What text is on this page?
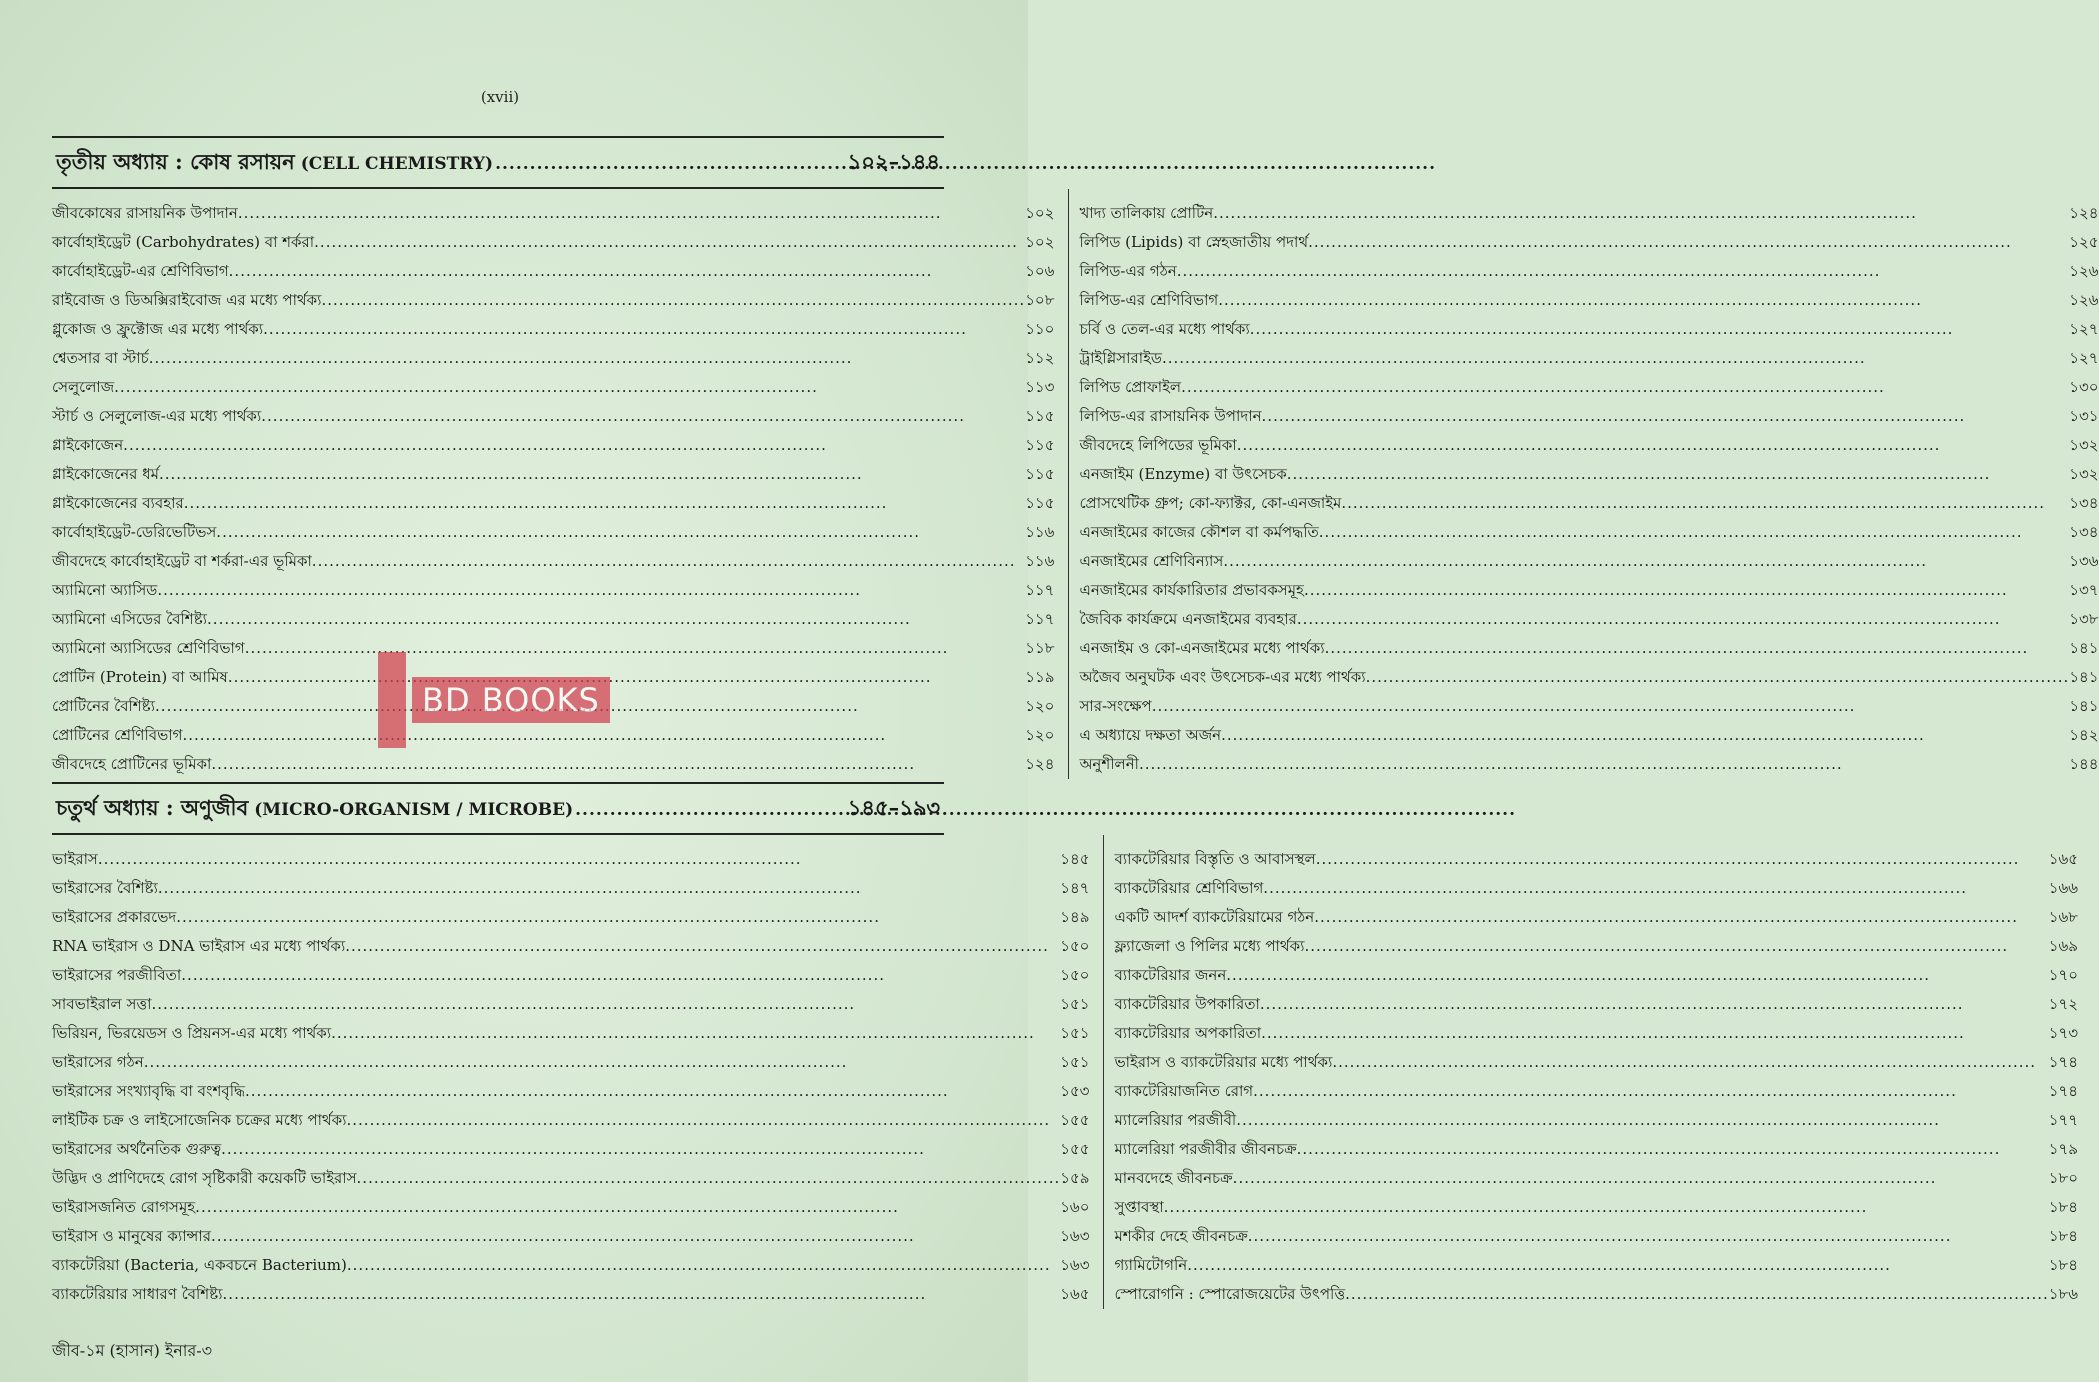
(xvii)
তৃতীয় অধ্যায় : কোষ রসায়ন (CELL CHEMISTRY) .....	১০২–১৪৪
জীবকোষের রাসায়নিক উপাদান .....	১০২
কার্বোহাইড্রেট (Carbohydrates) বা শর্করা .....	১০২
কার্বোহাইড্রেট-এর শ্রেণিবিভাগ .....	১০৬
রাইবোজ ও ডিঅক্সিরাইবোজ এর মধ্যে পার্থক্য .....	১০৮
গ্লুকোজ ও ফ্রুক্টোজ এর মধ্যে পার্থক্য .....	১১০
শ্বেতসার বা স্টার্চ .....	১১২
সেলুলোজ .....	১১৩
স্টার্চ ও সেলুলোজ-এর মধ্যে পার্থক্য .....	১১৫
গ্লাইকোজেন .....	১১৫
গ্লাইকোজেনের ধর্ম .....	১১৫
গ্লাইকোজেনের ব্যবহার .....	১১৫
কার্বোহাইড্রেট-ডেরিভেটিভস .....	১১৬
জীবদেহে কার্বোহাইড্রেট বা শর্করা-এর ভূমিকা .....	১১৬
অ্যামিনো অ্যাসিড .....	১১৭
অ্যামিনো এসিডের বৈশিষ্ট্য .....	১১৭
অ্যামিনো অ্যাসিডের শ্রেণিবিভাগ .....	১১৮
প্রোটিন (Protein) বা আমিষ .....	১১৯
প্রোটিনের বৈশিষ্ট্য .....	১২০
প্রোটিনের শ্রেণিবিভাগ .....	১২০
জীবদেহে প্রোটিনের ভূমিকা .....	১২৪
খাদ্য তালিকায় প্রোটিন .....	১২৪
লিপিড (Lipids) বা স্নেহজাতীয় পদার্থ .....	১২৫
লিপিড-এর গঠন .....	১২৬
লিপিড-এর শ্রেণিবিভাগ .....	১২৬
চর্বি ও তেল-এর মধ্যে পার্থক্য .....	১২৭
ট্রাইগ্লিসারাইড .....	১২৭
লিপিড প্রোফাইল .....	১৩০
লিপিড-এর রাসায়নিক উপাদান .....	১৩১
জীবদেহে লিপিডের ভূমিকা .....	১৩২
এনজাইম (Enzyme) বা উৎসেচক .....	১৩২
প্রোসথেটিক গ্রুপ; কো-ফ্যাক্টর, কো-এনজাইম .....	১৩৪
এনজাইমের কাজের কৌশল বা কর্মপদ্ধতি .....	১৩৪
এনজাইমের শ্রেণিবিন্যাস .....	১৩৬
এনজাইমের কার্যকারিতার প্রভাবকসমূহ .....	১৩৭
জৈবিক কার্যক্রমে এনজাইমের ব্যবহার .....	১৩৮
এনজাইম ও কো-এনজাইমের মধ্যে পার্থক্য .....	১৪১
অজৈব অনুঘটক এবং উৎসেচক-এর মধ্যে পার্থক্য .....	১৪১
সার-সংক্ষেপ .....	১৪১
এ অধ্যায়ে দক্ষতা অর্জন .....	১৪২
অনুশীলনী .....	১৪৪
চতুর্থ অধ্যায় : অণুজীব (MICRO-ORGANISM / MICROBE) .....	১৪৫–১৯৩
ভাইরাস .....	১৪৫
ভাইরাসের বৈশিষ্ট্য .....	১৪৭
ভাইরাসের প্রকারভেদ .....	১৪৯
RNA ভাইরাস ও DNA ভাইরাস এর মধ্যে পার্থক্য .....	১৫০
ভাইরাসের পরজীবিতা .....	১৫০
সাবভাইরাল সত্তা .....	১৫১
ভিরিয়ন, ভিরয়েডস ও প্রিয়নস-এর মধ্যে পার্থক্য .....	১৫১
ভাইরাসের গঠন .....	১৫১
ভাইরাসের সংখ্যাবৃদ্ধি বা বংশবৃদ্ধি .....	১৫৩
লাইটিক চক্র ও লাইসোজেনিক চক্রের মধ্যে পার্থক্য .....	১৫৫
ভাইরাসের অর্থনৈতিক গুরুত্ব .....	১৫৫
উদ্ভিদ ও প্রাণিদেহে রোগ সৃষ্টিকারী কয়েকটি ভাইরাস .....	১৫৯
ভাইরাসজনিত রোগসমূহ .....	১৬০
ভাইরাস ও মানুষের ক্যান্সার .....	১৬৩
ব্যাকটেরিয়া (Bacteria, একবচনে Bacterium) .....	১৬৩
ব্যাকটেরিয়ার সাধারণ বৈশিষ্ট্য .....	১৬৫
ব্যাকটেরিয়ার বিস্তৃতি ও আবাসস্থল .....	১৬৫
ব্যাকটেরিয়ার শ্রেণিবিভাগ .....	১৬৬
একটি আদর্শ ব্যাকটেরিয়ামের গঠন .....	১৬৮
ফ্ল্যাজেলা ও পিলির মধ্যে পার্থক্য .....	১৬৯
ব্যাকটেরিয়ার জনন .....	১৭০
ব্যাকটেরিয়ার উপকারিতা .....	১৭২
ব্যাকটেরিয়ার অপকারিতা .....	১৭৩
ভাইরাস ও ব্যাকটেরিয়ার মধ্যে পার্থক্য .....	১৭৪
ব্যাকটেরিয়াজনিত রোগ .....	১৭৪
ম্যালেরিয়ার পরজীবী .....	১৭৭
ম্যালেরিয়া পরজীবীর জীবনচক্র .....	১৭৯
মানবদেহে জীবনচক্র .....	১৮০
সুপ্তাবস্থা .....	১৮৪
মশকীর দেহে জীবনচক্র .....	১৮৪
গ্যামিটোগনি .....	১৮৪
স্পোরোগনি : স্পোরোজয়েটের উৎপত্তি .....	১৮৬
BD BOOKS
জীব-১ম (হাসান) ইনার-৩
